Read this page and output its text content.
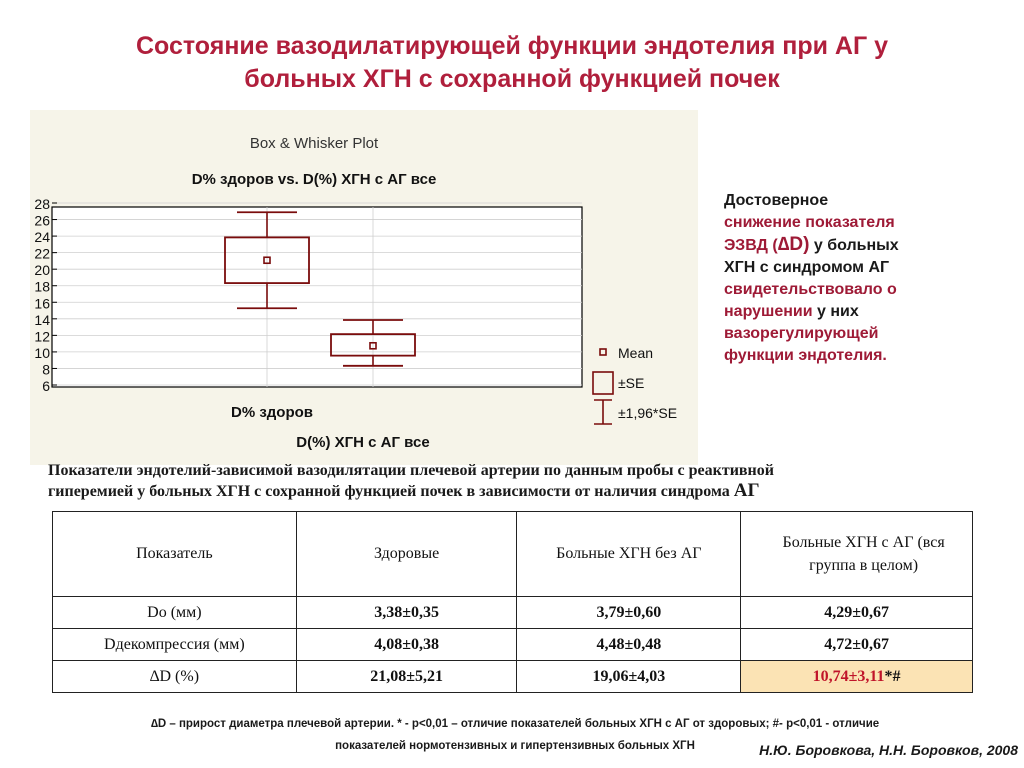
Состояние вазодилатирующей функции эндотелия при АГ у
больных ХГН с сохранной функцией почек
Box & Whisker Plot
D% здоров vs. D(%) ХГН с АГ все
6
8
10
12
14
16
18
20
22
24
26
28
Mean
±SE
±1,96*SE
D% здоров
D(%) ХГН с АГ все
Достоверное
снижение показателя
ЭЗВД (∆D) у больных
ХГН с синдромом АГ
свидетельствовало о
нарушении у них
вазорегулирующей
функции эндотелия.
Показатели эндотелий-зависимой вазодилятации плечевой артерии по данным пробы с реактивной
гиперемией у больных ХГН с сохранной функцией почек в зависимости от наличия синдрома АГ
Показатель	Здоровые	Больные ХГН без АГ	Больные ХГН с АГ (вся группа в целом)
Dо (мм)	3,38±0,35	3,79±0,60	4,29±0,67
Dдекомпрессия (мм)	4,08±0,38	4,48±0,48	4,72±0,67
∆D (%)	21,08±5,21	19,06±4,03	10,74±3,11*#
∆D – прирост диаметра плечевой артерии. * - р<0,01 – отличие показателей больных ХГН с АГ от здоровых; #- р<0,01 - отличие
показателей нормотензивных и гипертензивных больных ХГН	Н.Ю. Боровкова, Н.Н. Боровков, 2008
